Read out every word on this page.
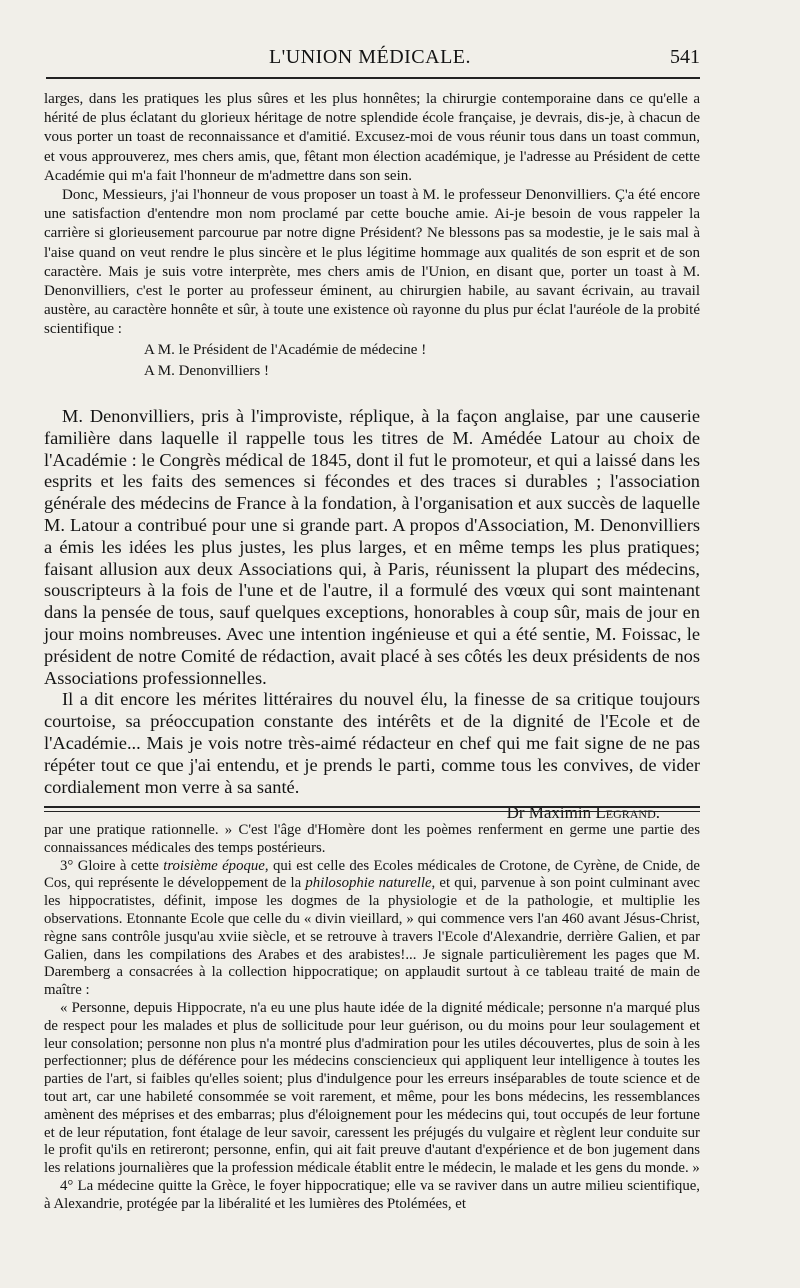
L'UNION MÉDICALE.	541

larges, dans les pratiques les plus sûres et les plus honnêtes; la chirurgie contemporaine dans ce qu'elle a hérité de plus éclatant du glorieux héritage de notre splendide école française, je devrais, dis-je, à chacun de vous porter un toast de reconnaissance et d'amitié. Excusez-moi de vous réunir tous dans un toast commun, et vous approuverez, mes chers amis, que, fêtant mon élection académique, je l'adresse au Président de cette Académie qui m'a fait l'honneur de m'admettre dans son sein.

Donc, Messieurs, j'ai l'honneur de vous proposer un toast à M. le professeur Denonvilliers. Ç'a été encore une satisfaction d'entendre mon nom proclamé par cette bouche amie. Ai-je besoin de vous rappeler la carrière si glorieusement parcourue par notre digne Président? Ne blessons pas sa modestie, je le sais mal à l'aise quand on veut rendre le plus sincère et le plus légitime hommage aux qualités de son esprit et de son caractère. Mais je suis votre interprète, mes chers amis de l'Union, en disant que, porter un toast à M. Denonvilliers, c'est le porter au professeur éminent, au chirurgien habile, au savant écrivain, au travail austère, au caractère honnête et sûr, à toute une existence où rayonne du plus pur éclat l'auréole de la probité scientifique :

A M. le Président de l'Académie de médecine !

A M. Denonvilliers !

M. Denonvilliers, pris à l'improviste, réplique, à la façon anglaise, par une causerie familière dans laquelle il rappelle tous les titres de M. Amédée Latour au choix de l'Académie : le Congrès médical de 1845, dont il fut le promoteur, et qui a laissé dans les esprits et les faits des semences si fécondes et des traces si durables ; l'association générale des médecins de France à la fondation, à l'organisation et aux succès de laquelle M. Latour a contribué pour une si grande part. A propos d'Association, M. Denonvilliers a émis les idées les plus justes, les plus larges, et en même temps les plus pratiques; faisant allusion aux deux Associations qui, à Paris, réunissent la plupart des médecins, souscripteurs à la fois de l'une et de l'autre, il a formulé des vœux qui sont maintenant dans la pensée de tous, sauf quelques exceptions, honorables à coup sûr, mais de jour en jour moins nombreuses. Avec une intention ingénieuse et qui a été sentie, M. Foissac, le président de notre Comité de rédaction, avait placé à ses côtés les deux présidents de nos Associations professionnelles.

Il a dit encore les mérites littéraires du nouvel élu, la finesse de sa critique toujours courtoise, sa préoccupation constante des intérêts et de la dignité de l'Ecole et de l'Académie... Mais je vois notre très-aimé rédacteur en chef qui me fait signe de ne pas répéter tout ce que j'ai entendu, et je prends le parti, comme tous les convives, de vider cordialement mon verre à sa santé.

Dr Maximin Legrand.

par une pratique rationnelle. » C'est l'âge d'Homère dont les poèmes renferment en germe une partie des connaissances médicales des temps postérieurs.

3° Gloire à cette troisième époque, qui est celle des Ecoles médicales de Crotone, de Cyrène, de Cnide, de Cos, qui représente le développement de la philosophie naturelle, et qui, parvenue à son point culminant avec les hippocratistes, définit, impose les dogmes de la physiologie et de la pathologie, et multiplie les observations. Etonnante Ecole que celle du « divin vieillard, » qui commence vers l'an 460 avant Jésus-Christ, règne sans contrôle jusqu'au xviie siècle, et se retrouve à travers l'Ecole d'Alexandrie, derrière Galien, et par Galien, dans les compilations des Arabes et des arabistes!... Je signale particulièrement les pages que M. Daremberg a consacrées à la collection hippocratique; on applaudit surtout à ce tableau traité de main de maître :

« Personne, depuis Hippocrate, n'a eu une plus haute idée de la dignité médicale; personne n'a marqué plus de respect pour les malades et plus de sollicitude pour leur guérison, ou du moins pour leur soulagement et leur consolation; personne non plus n'a montré plus d'admiration pour les utiles découvertes, plus de soin à les perfectionner; plus de déférence pour les médecins consciencieux qui appliquent leur intelligence à toutes les parties de l'art, si faibles qu'elles soient; plus d'indulgence pour les erreurs inséparables de toute science et de tout art, car une habileté consommée se voit rarement, et même, pour les bons médecins, les ressemblances amènent des méprises et des embarras; plus d'éloignement pour les médecins qui, tout occupés de leur fortune et de leur réputation, font étalage de leur savoir, caressent les préjugés du vulgaire et règlent leur conduite sur le profit qu'ils en retireront; personne, enfin, qui ait fait preuve d'autant d'expérience et de bon jugement dans les relations journalières que la profession médicale établit entre le médecin, le malade et les gens du monde. »

4° La médecine quitte la Grèce, le foyer hippocratique; elle va se raviver dans un autre milieu scientifique, à Alexandrie, protégée par la libéralité et les lumières des Ptolémées, et
